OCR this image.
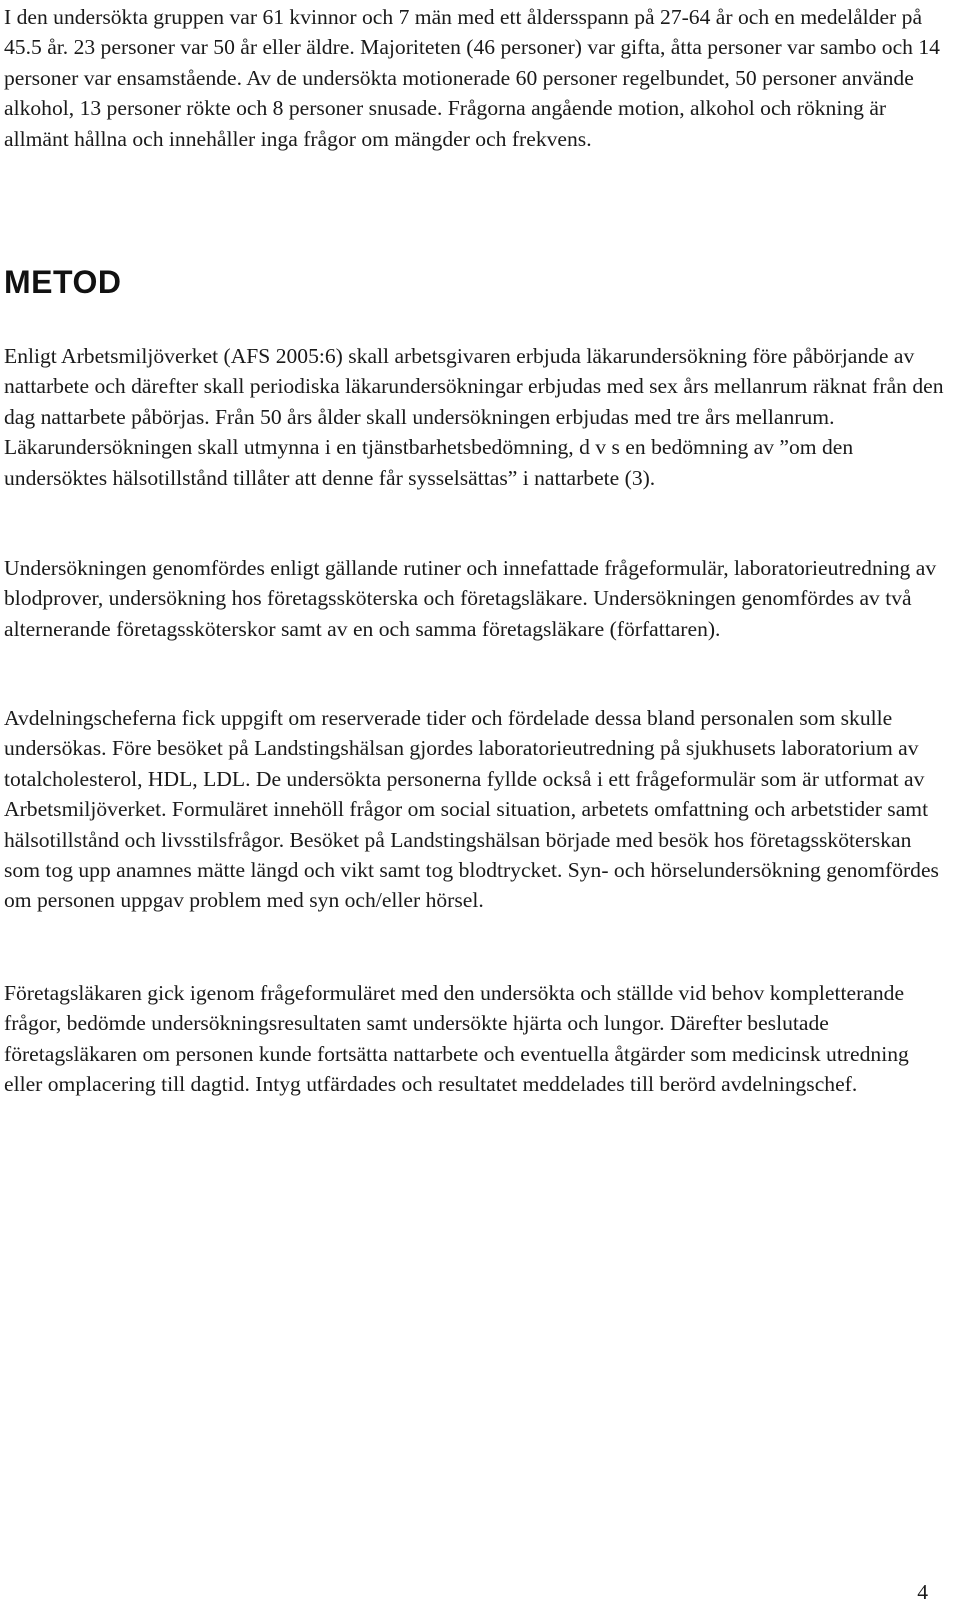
I den undersökta gruppen var 61 kvinnor och 7 män med ett åldersspann på 27-64 år och en medelålder på 45.5 år. 23 personer var 50 år eller äldre. Majoriteten (46 personer) var gifta, åtta personer var sambo och 14 personer var ensamstående. Av de undersökta motionerade 60 personer regelbundet, 50 personer använde alkohol, 13 personer rökte och 8 personer snusade. Frågorna angående motion, alkohol och rökning är allmänt hållna och innehåller inga frågor om mängder och frekvens.

METOD

Enligt Arbetsmiljöverket (AFS 2005:6) skall arbetsgivaren erbjuda läkarundersökning före påbörjande av nattarbete och därefter skall periodiska läkarundersökningar erbjudas med sex års mellanrum räknat från den dag nattarbete påbörjas. Från 50 års ålder skall undersökningen erbjudas med tre års mellanrum. Läkarundersökningen skall utmynna i en tjänstbarhetsbedömning, d v s en bedömning av ”om den undersöktes hälsotillstånd tillåter att denne får sysselsättas” i nattarbete (3).

Undersökningen genomfördes enligt gällande rutiner och innefattade frågeformulär, laboratorieutredning av blodprover, undersökning hos företagssköterska och företagsläkare. Undersökningen genomfördes av två alternerande företagssköterskor samt av en och samma företagsläkare (författaren).

Avdelningscheferna fick uppgift om reserverade tider och fördelade dessa bland personalen som skulle undersökas. Före besöket på Landstingshälsan gjordes laboratorieutredning på sjukhusets laboratorium av totalcholesterol, HDL, LDL. De undersökta personerna fyllde också i ett frågeformulär som är utformat av Arbetsmiljöverket. Formuläret innehöll frågor om social situation, arbetets omfattning och arbetstider samt hälsotillstånd och livsstilsfrågor. Besöket på Landstingshälsan började med besök hos företagssköterskan som tog upp anamnes mätte längd och vikt samt tog blodtrycket. Syn- och hörselundersökning genomfördes om personen uppgav problem med syn och/eller hörsel.

Företagsläkaren gick igenom frågeformuläret med den undersökta och ställde vid behov kompletterande frågor, bedömde undersökningsresultaten samt undersökte hjärta och lungor. Därefter beslutade företagsläkaren om personen kunde fortsätta nattarbete och eventuella åtgärder som medicinsk utredning eller omplacering till dagtid. Intyg utfärdades och resultatet meddelades till berörd avdelningschef.

4
